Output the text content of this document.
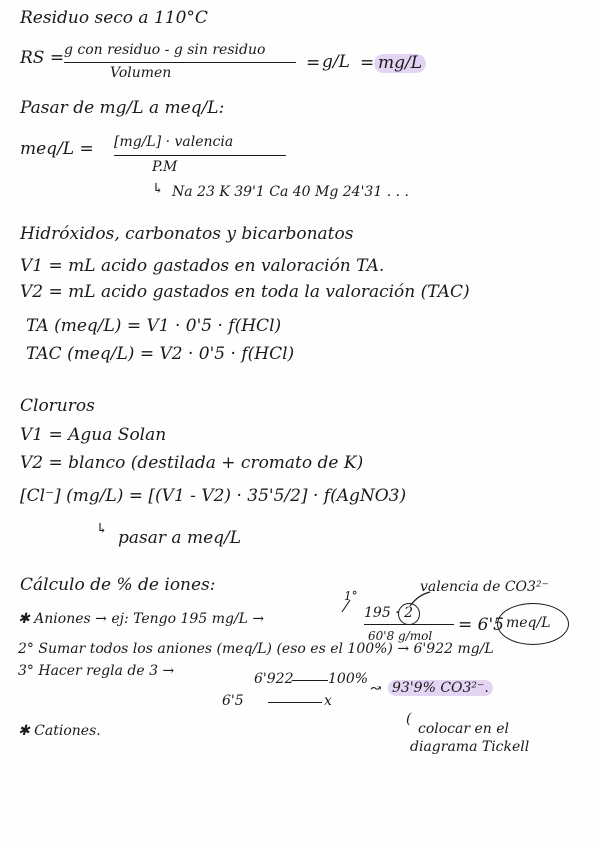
Residuo seco a 110°C
RS = g con residuo - g sin residuo
Volumen	= g/L = mg/L
Pasar de mg/L a meq/L:
meq/L = [mg/L] · valencia
P.M
↳ Na 23 K 39'1 Ca 40 Mg 24'31 . . .
Hidróxidos, carbonatos y bicarbonatos
V1 = mL acido gastados en valoración TA.
V2 = mL acido gastados en toda la valoración (TAC)
TA (meq/L) = V1 · 0'5 · f(HCl)
TAC (meq/L) = V2 · 0'5 · f(HCl)
Cloruros
V1 = Agua Solan
V2 = blanco (destilada + cromato de K)
[Cl⁻] (mg/L) = [(V1 - V2) · 35'5/2] · f(AgNO3)
↳ pasar a meq/L
Cálculo de % de iones:
1°
valencia de CO3²⁻
✱ Aniones → ej: Tengo 195 mg/L →	195 · 2
60'8 g/mol
= 6'5 meq/L
2° Sumar todos los aniones (meq/L) (eso es el 100%) → 6'922 mg/L
3° Hacer regla de 3 →	6'922 100%
6'5	x
↝ 93'9% CO3²⁻.
(
colocar en el
diagrama Tickell
✱ Cationes.
